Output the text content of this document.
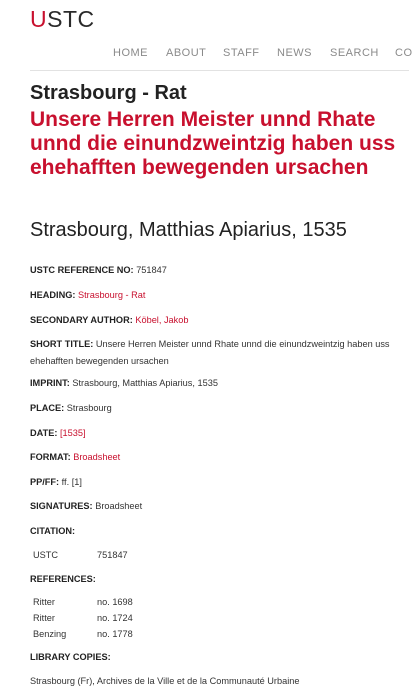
USTC
HOME ABOUT STAFF NEWS SEARCH CO
Strasbourg - Rat
Unsere Herren Meister unnd Rhate unnd die einundzweintzig haben uss ehehafften bewegenden ursachen
Strasbourg, Matthias Apiarius, 1535
USTC REFERENCE NO: 751847
HEADING: Strasbourg - Rat
SECONDARY AUTHOR: Köbel, Jakob
SHORT TITLE: Unsere Herren Meister unnd Rhate unnd die einundzweintzig haben uss ehehafften bewegenden ursachen
IMPRINT: Strasbourg, Matthias Apiarius, 1535
PLACE: Strasbourg
DATE: [1535]
FORMAT: Broadsheet
PP/FF: ff. [1]
SIGNATURES: Broadsheet
CITATION:
USTC	751847
REFERENCES:
Ritter	no. 1698
Ritter	no. 1724
Benzing	no. 1778
LIBRARY COPIES:
Strasbourg (Fr), Archives de la Ville et de la Communauté Urbaine
